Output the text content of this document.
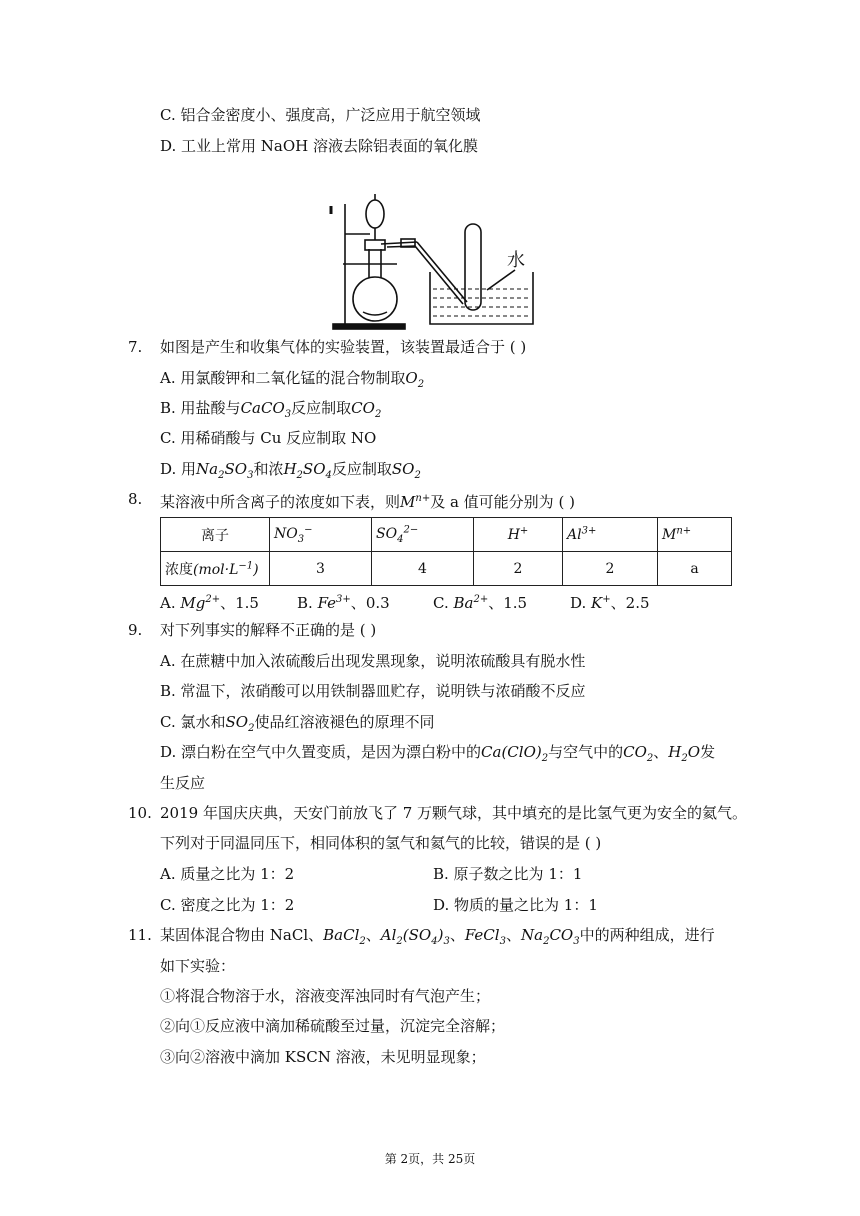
C. 铝合金密度小、强度高，广泛应用于航空领域
D. 工业上常用 NaOH 溶液去除铝表面的氧化膜
水
7. 如图是产生和收集气体的实验装置，该装置最适合于 ( )
A. 用氯酸钾和二氧化锰的混合物制取$O_2$
B. 用盐酸与CaCO$_3$反应制取$CO_2$
C. 用稀硝酸与 Cu 反应制取 NO
D. 用$Na_2SO_3$和浓$H_2SO_4$反应制取$SO_2$
8. 某溶液中所含离子的浓度如下表，则$M^{n+}$及 a 值可能分别为 ( )
离子	$NO_3^-$	$SO_4^{2-}$	H+	$Al^{3+}$	$M^{n+}$
浓度$(mol\cdot L^{-1})$	3	4	2	2	a
A. $Mg^{2+}$、1.5	B. $Fe^{3+}$、0.3	C. $Ba^{2+}$、1.5	D. K+、2.5
9. 对下列事实的解释不正确的是 ( )
A. 在蔗糖中加入浓硫酸后出现发黑现象，说明浓硫酸具有脱水性
B. 常温下，浓硝酸可以用铁制器皿贮存，说明铁与浓硝酸不反应
C. 氯水和$SO_2$使品红溶液褪色的原理不同
D. 漂白粉在空气中久置变质，是因为漂白粉中的$Ca(ClO)_2$与空气中的$CO_2$、$H_2O$发
生反应
10. 2019 年国庆庆典，天安门前放飞了 7 万颗气球，其中填充的是比氢气更为安全的氦气。
下列对于同温同压下，相同体积的氢气和氦气的比较，错误的是 ( )
A. 质量之比为 1：2	B. 原子数之比为 1：1
C. 密度之比为 1：2	D. 物质的量之比为 1：1
11. 某固体混合物由 NaCl、BaCl$_2$、$Al_2(SO_4)_3$、FeCl$_3$、$Na_2CO_3$中的两种组成，进行
如下实验：
①将混合物溶于水，溶液变浑浊同时有气泡产生；
②向①反应液中滴加稀硫酸至过量，沉淀完全溶解；
③向②溶液中滴加 KSCN 溶液，未见明显现象；
第 2页，共 25页
